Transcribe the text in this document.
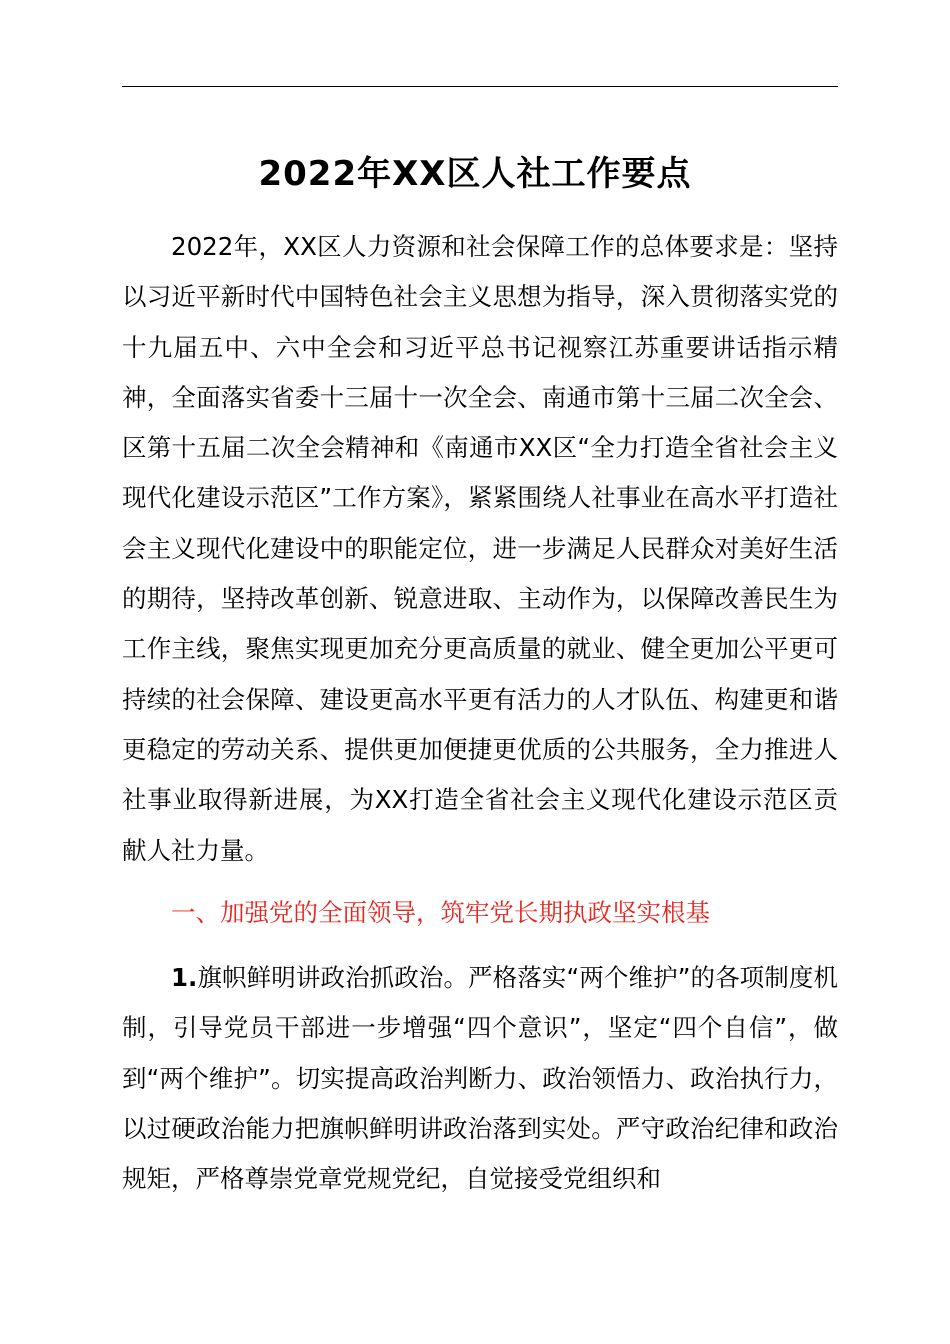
2022年XX区人社工作要点

2022年，XX区人力资源和社会保障工作的总体要求是：坚持以习近平新时代中国特色社会主义思想为指导，深入贯彻落实党的十九届五中、六中全会和习近平总书记视察江苏重要讲话指示精神，全面落实省委十三届十一次全会、南通市第十三届二次全会、区第十五届二次全会精神和《南通市XX区“全力打造全省社会主义现代化建设示范区”工作方案》，紧紧围绕人社事业在高水平打造社会主义现代化建设中的职能定位，进一步满足人民群众对美好生活的期待，坚持改革创新、锐意进取、主动作为，以保障改善民生为工作主线，聚焦实现更加充分更高质量的就业、健全更加公平更可持续的社会保障、建设更高水平更有活力的人才队伍、构建更和谐更稳定的劳动关系、提供更加便捷更优质的公共服务，全力推进人社事业取得新进展，为XX打造全省社会主义现代化建设示范区贡献人社力量。

一、加强党的全面领导，筑牢党长期执政坚实根基

1.旗帜鲜明讲政治抓政治。严格落实“两个维护”的各项制度机制，引导党员干部进一步增强“四个意识”，坚定“四个自信”，做到“两个维护”。切实提高政治判断力、政治领悟力、政治执行力，以过硬政治能力把旗帜鲜明讲政治落到实处。严守政治纪律和政治规矩，严格尊崇党章党规党纪，自觉接受党组织和
